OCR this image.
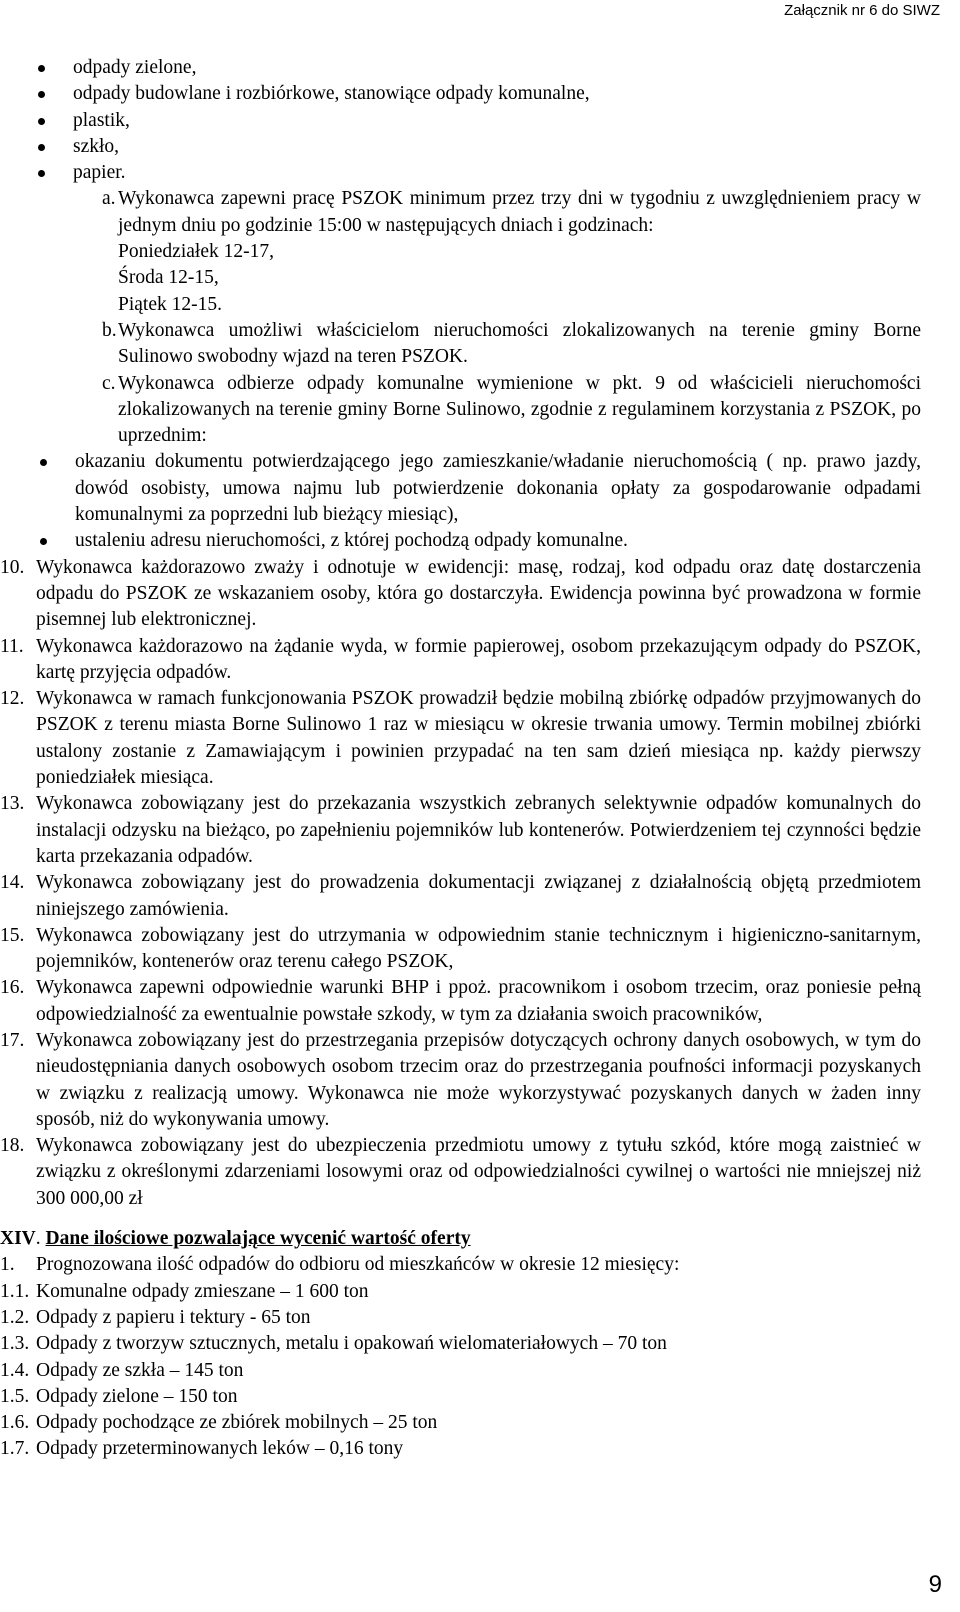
Załącznik nr 6 do SIWZ
odpady zielone,
odpady budowlane i rozbiórkowe, stanowiące odpady komunalne,
plastik,
szkło,
papier.
a. Wykonawca zapewni pracę PSZOK minimum przez trzy dni w tygodniu z uwzględnieniem pracy w jednym dniu po godzinie 15:00 w następujących dniach i godzinach:
Poniedziałek 12-17,
Środa 12-15,
Piątek 12-15.
b. Wykonawca umożliwi właścicielom nieruchomości zlokalizowanych na terenie gminy Borne Sulinowo swobodny wjazd na teren PSZOK.
c. Wykonawca odbierze odpady komunalne wymienione w pkt. 9 od właścicieli nieruchomości zlokalizowanych na terenie gminy Borne Sulinowo, zgodnie z regulaminem korzystania z PSZOK, po uprzednim:
okazaniu dokumentu potwierdzającego jego zamieszkanie/władanie nieruchomością ( np. prawo jazdy, dowód osobisty, umowa najmu lub potwierdzenie dokonania opłaty za gospodarowanie odpadami komunalnymi za poprzedni lub bieżący miesiąc),
ustaleniu adresu nieruchomości, z której pochodzą odpady komunalne.
10. Wykonawca każdorazowo zważy i odnotuje w ewidencji: masę, rodzaj, kod odpadu oraz datę dostarczenia odpadu do PSZOK ze wskazaniem osoby, która go dostarczyła. Ewidencja powinna być prowadzona w formie pisemnej lub elektronicznej.
11. Wykonawca każdorazowo na żądanie wyda, w formie papierowej, osobom przekazującym odpady do PSZOK, kartę przyjęcia odpadów.
12. Wykonawca w ramach funkcjonowania PSZOK prowadził będzie mobilną zbiórkę odpadów przyjmowanych do PSZOK z terenu miasta Borne Sulinowo 1 raz w miesiącu w okresie trwania umowy. Termin mobilnej zbiórki ustalony zostanie z Zamawiającym i powinien przypadać na ten sam dzień miesiąca np. każdy pierwszy poniedziałek miesiąca.
13. Wykonawca zobowiązany jest do przekazania wszystkich zebranych selektywnie odpadów komunalnych do instalacji odzysku na bieżąco, po zapełnieniu pojemników lub kontenerów. Potwierdzeniem tej czynności będzie karta przekazania odpadów.
14. Wykonawca zobowiązany jest do prowadzenia dokumentacji związanej z działalnością objętą przedmiotem niniejszego zamówienia.
15. Wykonawca zobowiązany jest do utrzymania w odpowiednim stanie technicznym i higieniczno-sanitarnym, pojemników, kontenerów oraz terenu całego PSZOK,
16. Wykonawca zapewni odpowiednie warunki BHP i ppoż. pracownikom i osobom trzecim, oraz poniesie pełną odpowiedzialność za ewentualnie powstałe szkody, w tym za działania swoich pracowników,
17. Wykonawca zobowiązany jest do przestrzegania przepisów dotyczących ochrony danych osobowych, w tym do nieudostępniania danych osobowych osobom trzecim oraz do przestrzegania poufności informacji pozyskanych w związku z realizacją umowy. Wykonawca nie może wykorzystywać pozyskanych danych w żaden inny sposób, niż do wykonywania umowy.
18. Wykonawca zobowiązany jest do ubezpieczenia przedmiotu umowy z tytułu szkód, które mogą zaistnieć w związku z określonymi zdarzeniami losowymi oraz od odpowiedzialności cywilnej o wartości nie mniejszej niż 300 000,00 zł
XIV. Dane ilościowe pozwalające wycenić wartość oferty
1. Prognozowana ilość odpadów do odbioru od mieszkańców w okresie 12 miesięcy:
1.1. Komunalne odpady zmieszane – 1 600 ton
1.2. Odpady z papieru i tektury - 65 ton
1.3. Odpady z tworzyw sztucznych, metalu i opakowań wielomateriałowych – 70 ton
1.4. Odpady ze szkła – 145 ton
1.5. Odpady zielone – 150 ton
1.6. Odpady pochodzące ze zbiórek mobilnych – 25 ton
1.7. Odpady przeterminowanych leków – 0,16 tony
9
